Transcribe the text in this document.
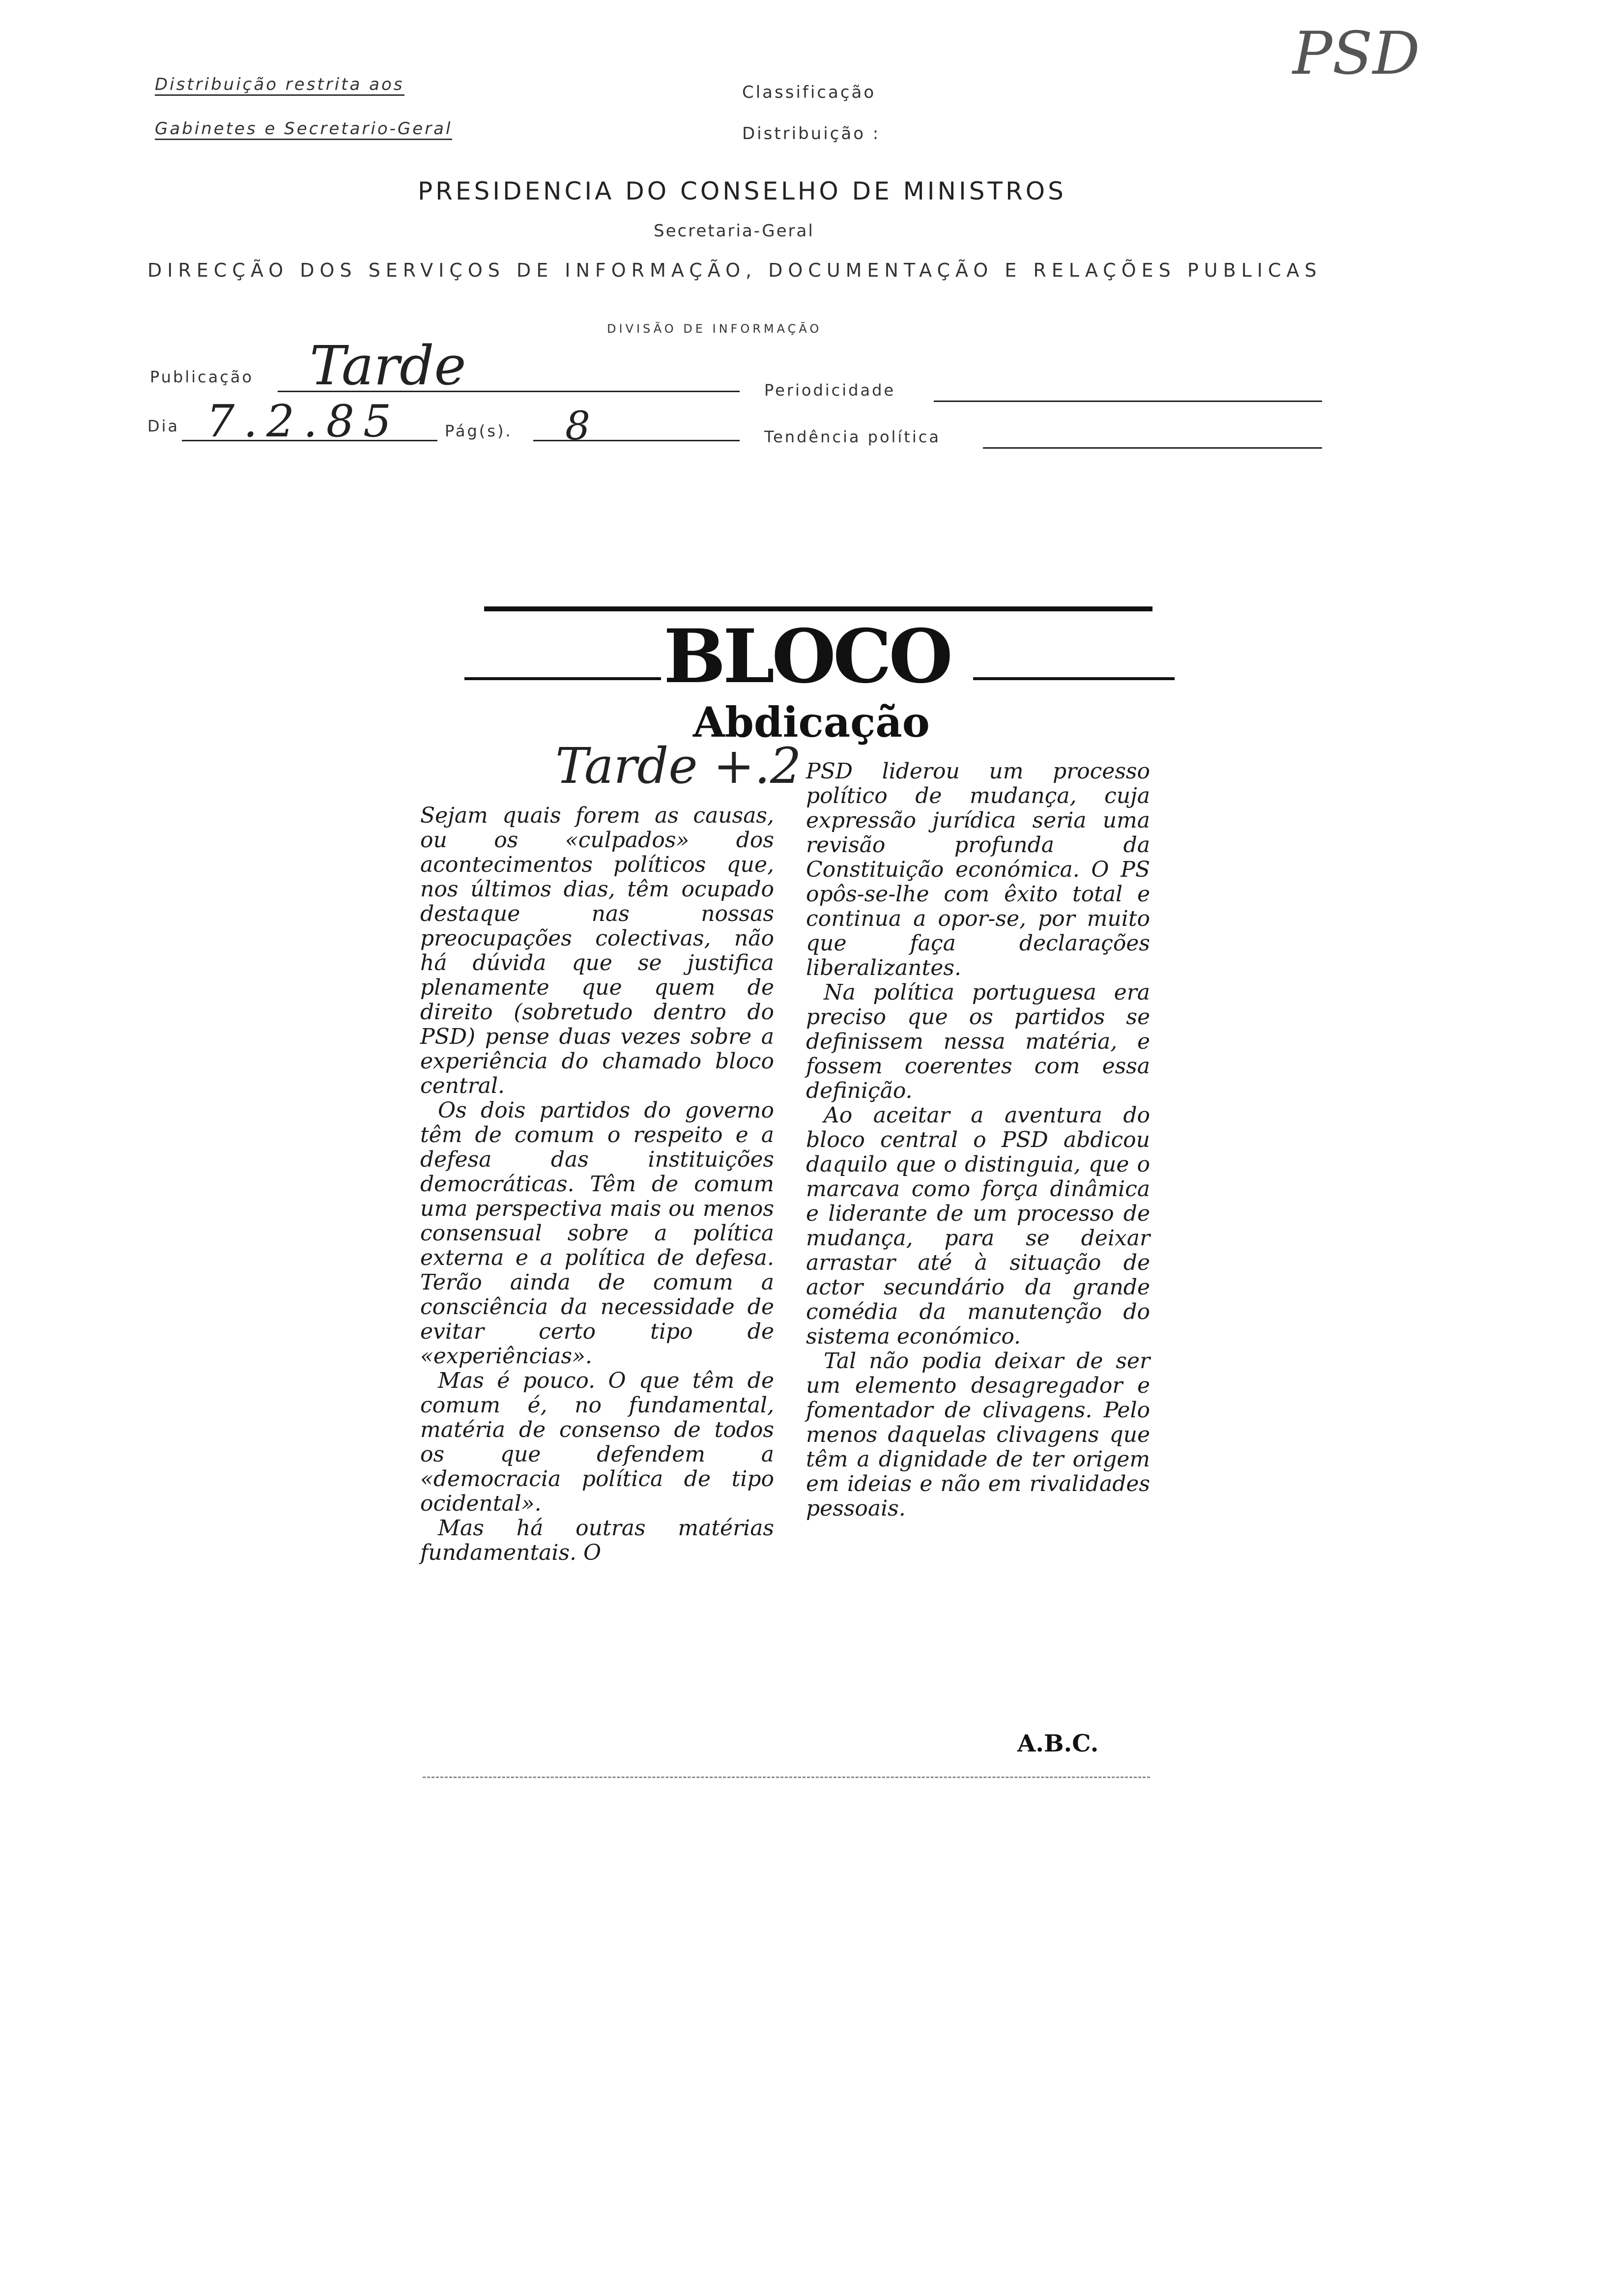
Distribuição restrita aos
Gabinetes e Secretario-Geral
Classificação
Distribuição :
PSD
PRESIDENCIA DO CONSELHO DE MINISTROS
Secretaria-Geral
DIRECÇÃO DOS SERVIÇOS DE INFORMAÇÃO, DOCUMENTAÇÃO E RELAÇÕES PUBLICAS
DIVISÃO DE INFORMAÇÃO
Publicação Tarde	Periodicidade
Dia 7.2.85	Pág(s). 8	Tendência política
BLOCO
Abdicação
Tarde +.2

Sejam quais forem as causas, ou os «culpados» dos acontecimentos políticos que, nos últimos dias, têm ocupado destaque nas nossas preocupações colectivas, não há dúvida que se justifica plenamente que quem de direito (sobretudo dentro do PSD) pense duas vezes sobre a experiência do chamado bloco central.

Os dois partidos do governo têm de comum o respeito e a defesa das instituições democráticas. Têm de comum uma perspectiva mais ou menos consensual sobre a política externa e a política de defesa. Terão ainda de comum a consciência da necessidade de evitar certo tipo de «experiências».

Mas é pouco. O que têm de comum é, no fundamental, matéria de consenso de todos os que defendem a «democracia política de tipo ocidental».

Mas há outras matérias fundamentais. O

PSD liderou um processo político de mudança, cuja expressão jurídica seria uma revisão profunda da Constituição económica. O PS opôs-se-lhe com êxito total e continua a opor-se, por muito que faça declarações liberalizantes.

Na política portuguesa era preciso que os partidos se definissem nessa matéria, e fossem coerentes com essa definição.

Ao aceitar a aventura do bloco central o PSD abdicou daquilo que o distinguia, que o marcava como força dinâmica e liderante de um processo de mudança, para se deixar arrastar até à situação de actor secundário da grande comédia da manutenção do sistema económico.

Tal não podia deixar de ser um elemento desagregador e fomentador de clivagens. Pelo menos daquelas clivagens que têm a dignidade de ter origem em ideias e não em rivalidades pessoais.

A.B.C.
